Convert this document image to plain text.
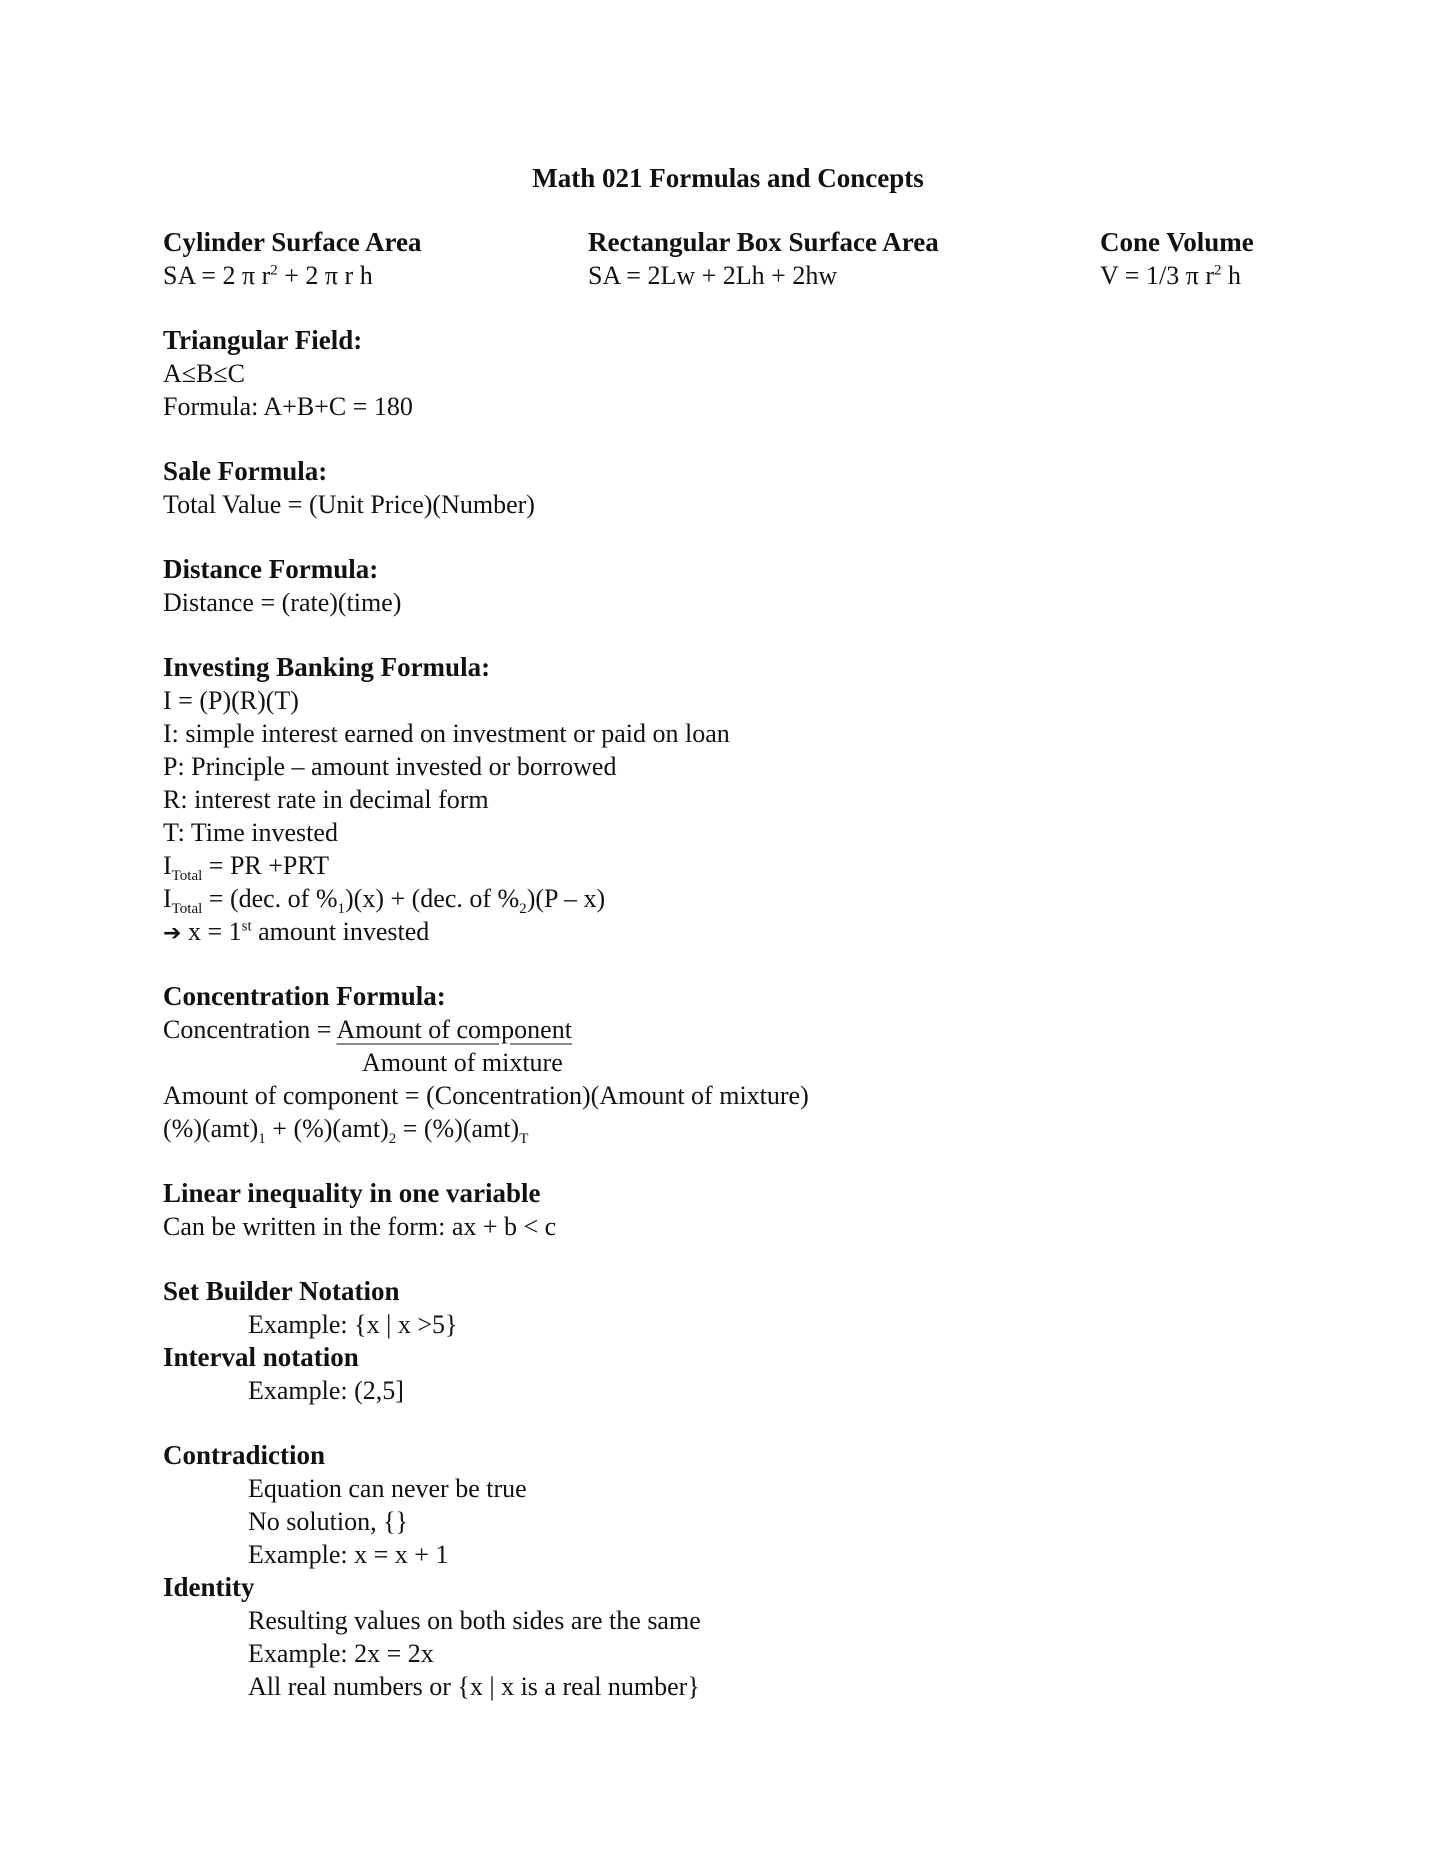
Math 021 Formulas and Concepts
Cylinder Surface Area
SA = 2 π $r^2 + 2$ π r h
Rectangular Box Surface Area
SA = 2Lw + 2Lh + 2hw
Cone Volume
V = 1/3 π $r^2$ h
Triangular Field:
A≤B≤C
Formula: A+B+C = 180
Sale Formula:
Total Value = (Unit Price)(Number)
Distance Formula:
Distance = (rate)(time)
Investing Banking Formula:
I = (P)(R)(T)
I: simple interest earned on investment or paid on loan
P: Principle – amount invested or borrowed
R: interest rate in decimal form
T: Time invested
$I_{Total}$ = PR +PRT
$I_{Total} = (dec$. of $\%_1)(x) + (dec$. of $\%_2)(P - x)$
➔ x = 1st amount invested
Concentration Formula:
Concentration = Amount of component
Amount of mixture
Amount of component = (Concentration)(Amount of mixture)
$(\%)(amt)_1 + (\%)(amt)_2 = (\%)(amt)_T$
Linear inequality in one variable
Can be written in the form: ax + b < c
Set Builder Notation
Example: {x | x >5}
Interval notation
Example: (2,5]
Contradiction
Equation can never be true
No solution, {}
Example: x = x + 1
Identity
Resulting values on both sides are the same
Example: 2x = 2x
All real numbers or {x | x is a real number}
